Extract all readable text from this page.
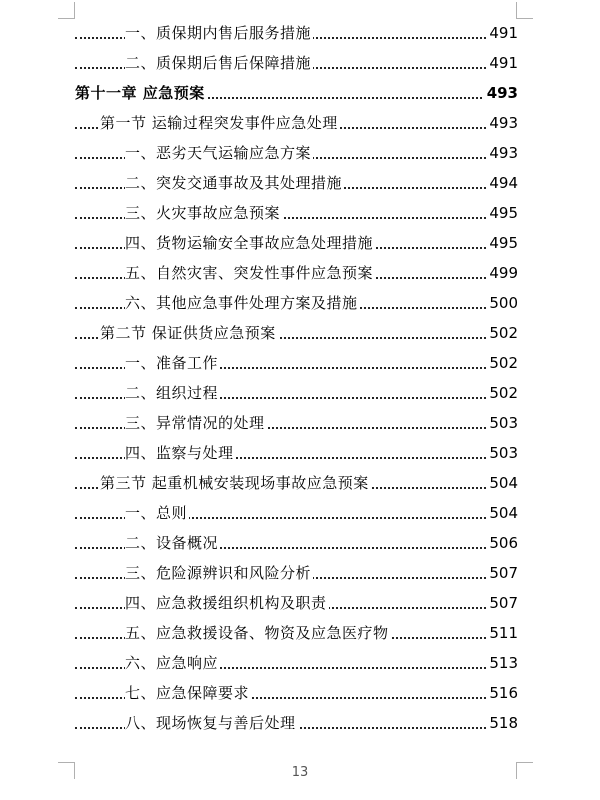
一、质保期内售后服务措施	491
二、质保期后售后保障措施	491
第十一章 应急预案	493
第一节 运输过程突发事件应急处理	493
一、恶劣天气运输应急方案	493
二、突发交通事故及其处理措施	494
三、火灾事故应急预案	495
四、货物运输安全事故应急处理措施	495
五、自然灾害、突发性事件应急预案	499
六、其他应急事件处理方案及措施	500
第二节 保证供货应急预案	502
一、准备工作	502
二、组织过程	502
三、异常情况的处理	503
四、监察与处理	503
第三节 起重机械安装现场事故应急预案	504
一、总则	504
二、设备概况	506
三、危险源辨识和风险分析	507
四、应急救援组织机构及职责	507
五、应急救援设备、物资及应急医疗物	511
六、应急响应	513
七、应急保障要求	516
八、现场恢复与善后处理	518
13
